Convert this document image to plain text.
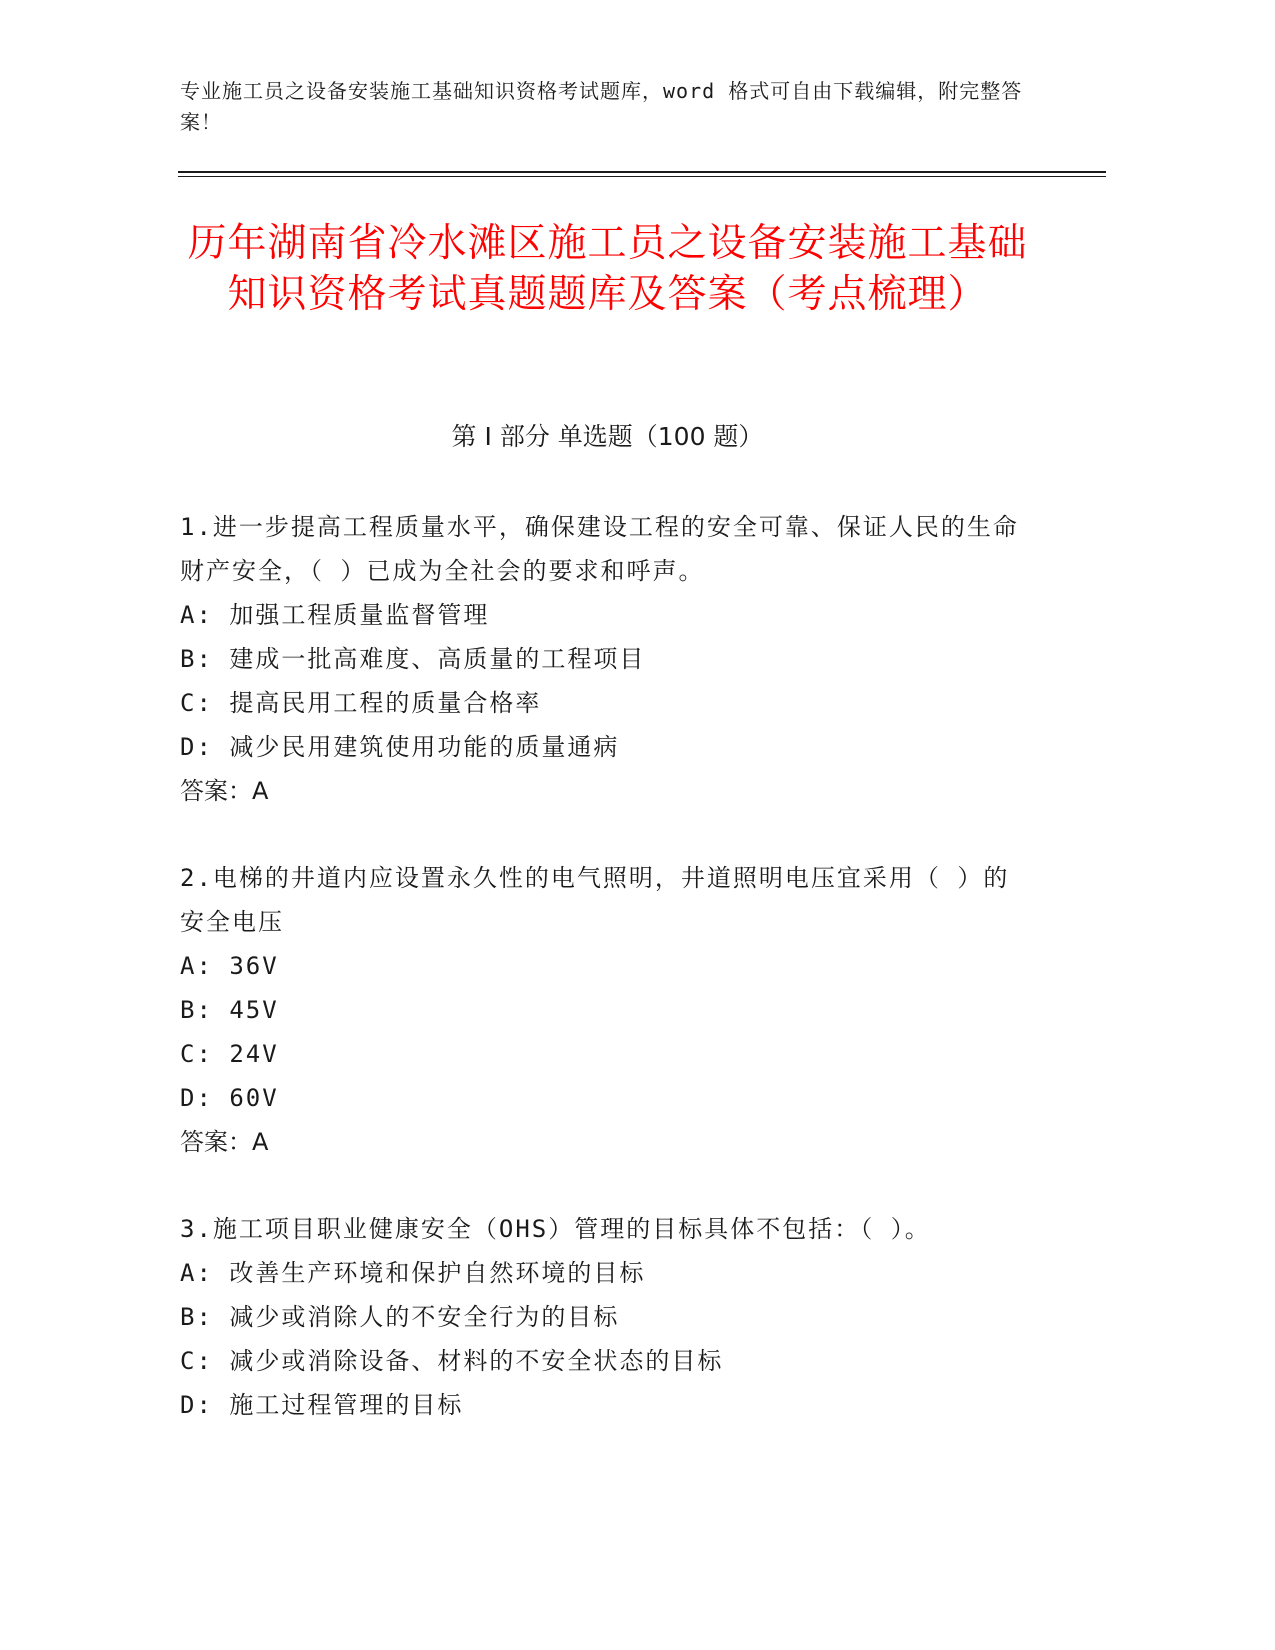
专业施工员之设备安装施工基础知识资格考试题库，word 格式可自由下载编辑，附完整答案！
历年湖南省冷水滩区施工员之设备安装施工基础知识资格考试真题题库及答案（考点梳理）
第 I 部分 单选题（100 题）

1.进一步提高工程质量水平，确保建设工程的安全可靠、保证人民的生命财产安全，（ ）已成为全社会的要求和呼声。

A: 加强工程质量监督管理

B: 建成一批高难度、高质量的工程项目

C: 提高民用工程的质量合格率

D: 减少民用建筑使用功能的质量通病

答案：A

2.电梯的井道内应设置永久性的电气照明，井道照明电压宜采用（ ）的安全电压

A: 36V

B: 45V

C: 24V

D: 60V

答案：A

3.施工项目职业健康安全（OHS）管理的目标具体不包括：（ ）。

A: 改善生产环境和保护自然环境的目标

B: 减少或消除人的不安全行为的目标

C: 减少或消除设备、材料的不安全状态的目标

D: 施工过程管理的目标
